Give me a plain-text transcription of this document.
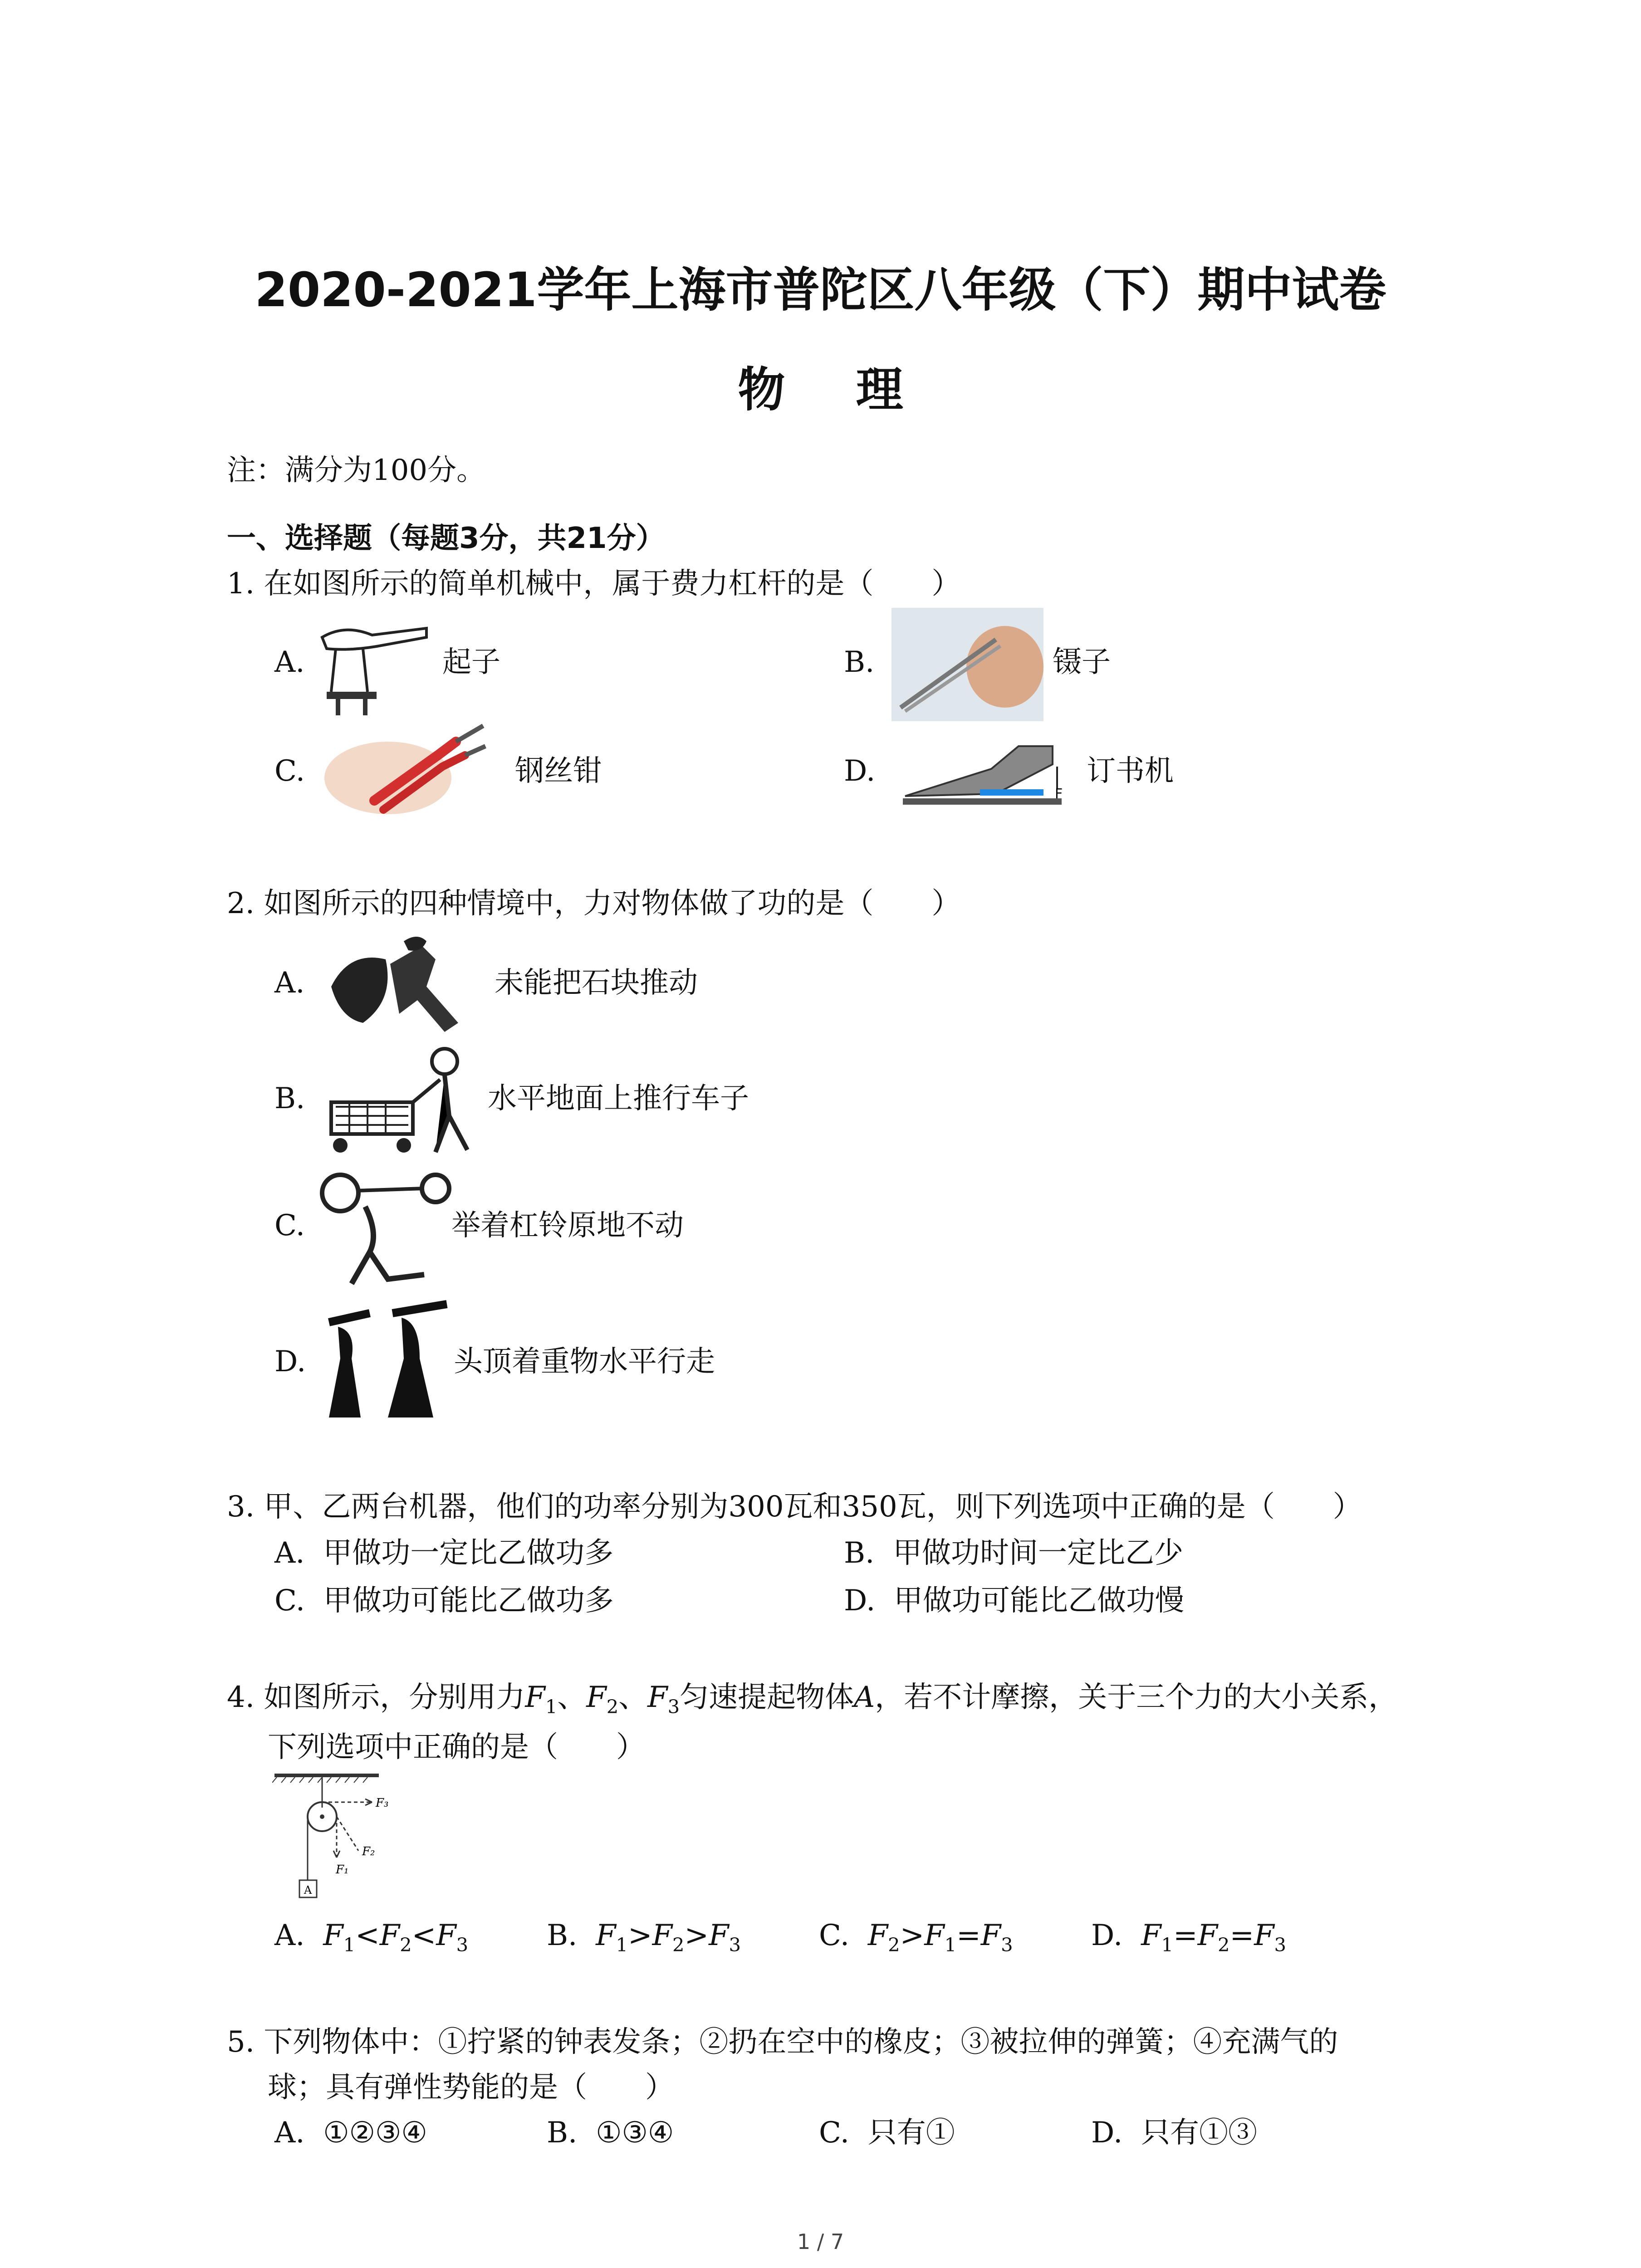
2020-2021学年上海市普陀区八年级（下）期中试卷
物 理
注：满分为100分。
一、选择题（每题3分，共21分）
1. 在如图所示的简单机械中，属于费力杠杆的是（　　）
A.	起子	B.	镊子
C.	钢丝钳	D.
F
订书机
2. 如图所示的四种情境中，力对物体做了功的是（　　）
A.	未能把石块推动
B.	水平地面上推行车子
C.	举着杠铃原地不动
D.	头顶着重物水平行走
3. 甲、乙两台机器，他们的功率分别为300瓦和350瓦，则下列选项中正确的是（　　）
A. 甲做功一定比乙做功多	B. 甲做功时间一定比乙少
C. 甲做功可能比乙做功多	D. 甲做功可能比乙做功慢
4. 如图所示，分别用力$F_1$、$F_2$、$F_3$匀速提起物体A，若不计摩擦，关于三个力的大小关系，
下列选项中正确的是（　　）
A
F₃
F₂
F₁
A. $F_1<F_2<F_3$	B. $F_1>F_2>F_3$	C. $F_2>F_1=F_3$	D. $F_1=F_2=F_3$
5. 下列物体中：①拧紧的钟表发条；②扔在空中的橡皮；③被拉伸的弹簧；④充满气的
球；具有弹性势能的是（　　）
A. ①②③④	B. ①③④	C. 只有①	D. 只有①③
1 / 7
